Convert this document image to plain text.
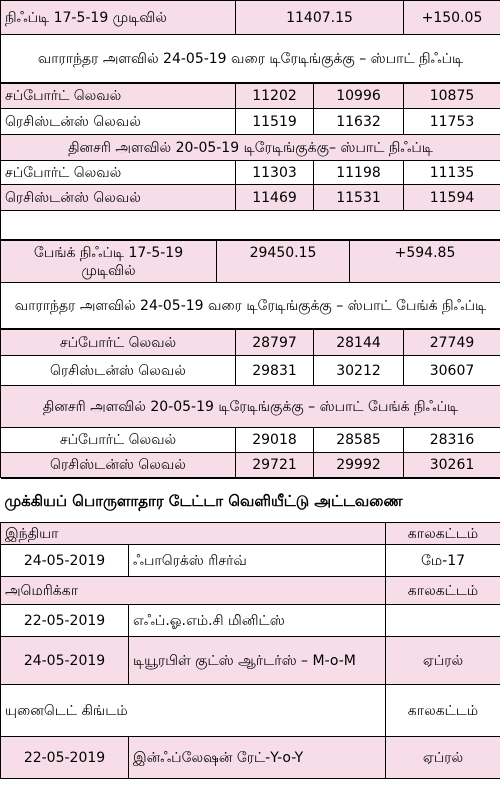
நிஃப்டி 17-5-19 முடிவில்	11407.15	+150.05
வாராந்தர அளவில் 24-05-19 வரை டிரேடிங்குக்கு – ஸ்பாட் நிஃப்டி
சப்போர்ட் லெவல்	11202	10996	10875
ரெசிஸ்டன்ஸ் லெவல்	11519	11632	11753
தினசரி அளவில் 20-05-19 டிரேடிங்குக்கு– ஸ்பாட் நிஃப்டி			
சப்போர்ட் லெவல்	11303	11198	11135
ரெசிஸ்டன்ஸ் லெவல்	11469	11531	11594

பேங்க் நிஃப்டி 17-5-19 முடிவில்	29450.15	+594.85
வாராந்தர அளவில் 24-05-19 வரை டிரேடிங்குக்கு – ஸ்பாட் பேங்க் நிஃப்டி
சப்போர்ட் லெவல்	28797	28144	27749
ரெசிஸ்டன்ஸ் லெவல்	29831	30212	30607
தினசரி அளவில் 20-05-19 டிரேடிங்குக்கு – ஸ்பாட் பேங்க் நிஃப்டி			
சப்போர்ட் லெவல்	29018	28585	28316
ரெசிஸ்டன்ஸ் லெவல்	29721	29992	30261
முக்கியப் பொருளாதார டேட்டா வெளியீட்டு அட்டவணை		
இந்தியா		காலகட்டம்
24-05-2019	ஃபாரெக்ஸ் ரிசர்வ்	மே-17
அமெரிக்கா		காலகட்டம்
22-05-2019	எஃப்.ஓ.எம்.சி மினிட்ஸ்	
24-05-2019	டியூரபிள் குட்ஸ் ஆர்டர்ஸ் – M-o-M	ஏப்ரல்
யுனைடெட் கிங்டம்		காலகட்டம்
22-05-2019	இன்ஃப்லேஷன் ரேட்-Y-o-Y	ஏப்ரல்
